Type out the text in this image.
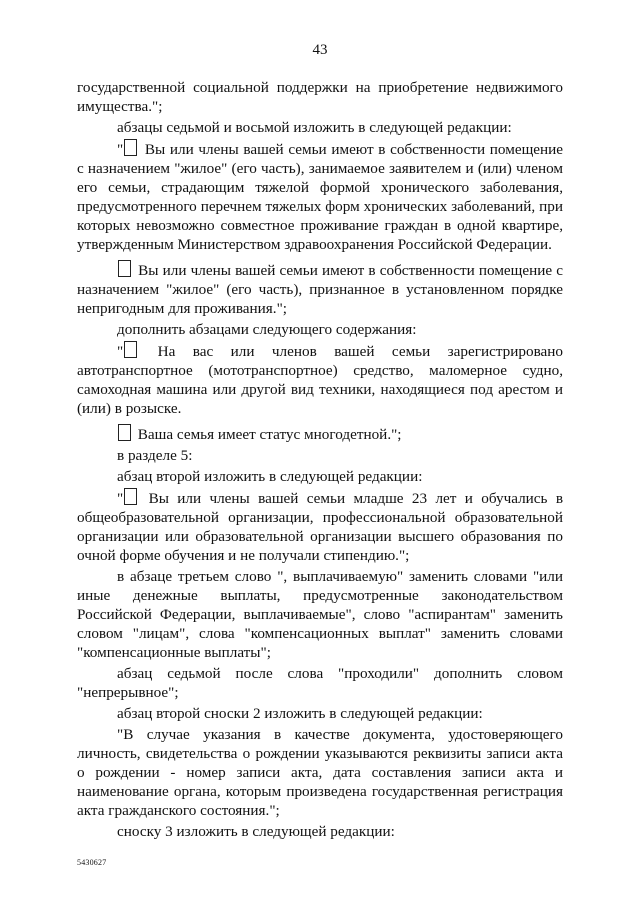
43

государственной социальной поддержки на приобретение недвижимого имущества.";

абзацы седьмой и восьмой изложить в следующей редакции:

" Вы или члены вашей семьи имеют в собственности помещение с назначением "жилое" (его часть), занимаемое заявителем и (или) членом его семьи, страдающим тяжелой формой хронического заболевания, предусмотренного перечнем тяжелых форм хронических заболеваний, при которых невозможно совместное проживание граждан в одной квартире, утвержденным Министерством здравоохранения Российской Федерации.

Вы или члены вашей семьи имеют в собственности помещение с назначением "жилое" (его часть), признанное в установленном порядке непригодным для проживания.";

дополнить абзацами следующего содержания:

" На вас или членов вашей семьи зарегистрировано автотранспортное (мототранспортное) средство, маломерное судно, самоходная машина или другой вид техники, находящиеся под арестом и (или) в розыске.

Ваша семья имеет статус многодетной.";

в разделе 5:

абзац второй изложить в следующей редакции:

" Вы или члены вашей семьи младше 23 лет и обучались в общеобразовательной организации, профессиональной образовательной организации или образовательной организации высшего образования по очной форме обучения и не получали стипендию.";

в абзаце третьем слово ", выплачиваемую" заменить словами "или иные денежные выплаты, предусмотренные законодательством Российской Федерации, выплачиваемые", слово "аспирантам" заменить словом "лицам", слова "компенсационных выплат" заменить словами "компенсационные выплаты";

абзац седьмой после слова "проходили" дополнить словом "непрерывное";

абзац второй сноски 2 изложить в следующей редакции:

"В случае указания в качестве документа, удостоверяющего личность, свидетельства о рождении указываются реквизиты записи акта о рождении - номер записи акта, дата составления записи акта и наименование органа, которым произведена государственная регистрация акта гражданского состояния.";

сноску 3 изложить в следующей редакции:

5430627
